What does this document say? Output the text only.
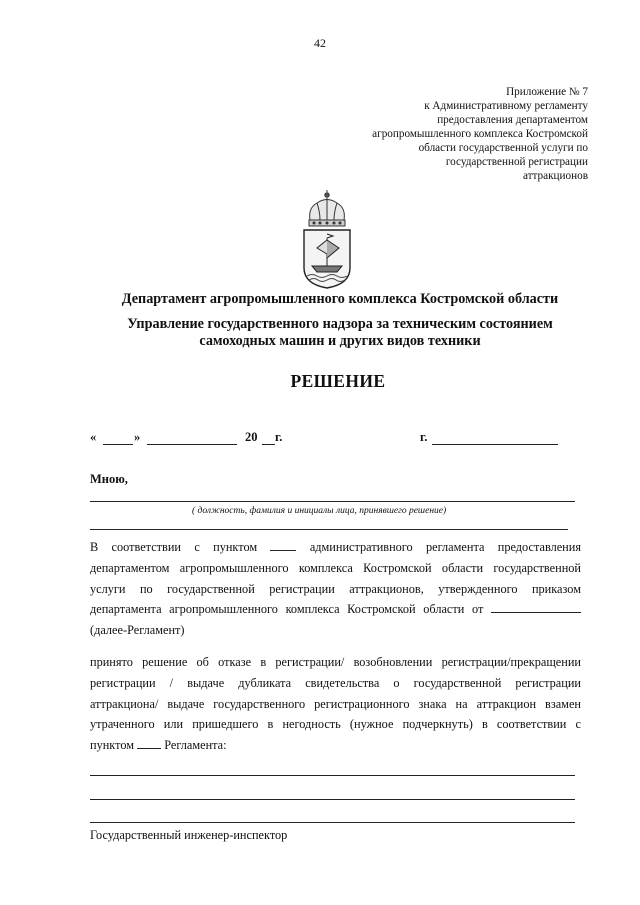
42
Приложение № 7
к Административному регламенту
предоставления департаментом
агропромышленного комплекса Костромской
области государственной услуги по
государственной регистрации
аттракционов
Департамент агропромышленного комплекса Костромской области
Управление государственного надзора за техническим состоянием
самоходных машин и других видов техники
РЕШЕНИЕ
«	»	20 г.	г.
Мною,
( должность, фамилия и инициалы лица, принявшего решение)
В соответствии с пунктом	административного регламента предоставления
департаментом агропромышленного комплекса Костромской области государственной
услуги по государственной регистрации аттракционов, утвержденного приказом
департамента агропромышленного комплекса Костромской области от
(далее-Регламент)
принято решение об отказе в регистрации/ возобновлении регистрации/прекращении
регистрации / выдаче дубликата свидетельства о государственной регистрации
аттракциона/ выдаче государственного регистрационного знака на аттракцион взамен
утраченного или пришедшего в негодность (нужное подчеркнуть) в соответствии с
пунктом Регламента:
Государственный инженер-инспектор
